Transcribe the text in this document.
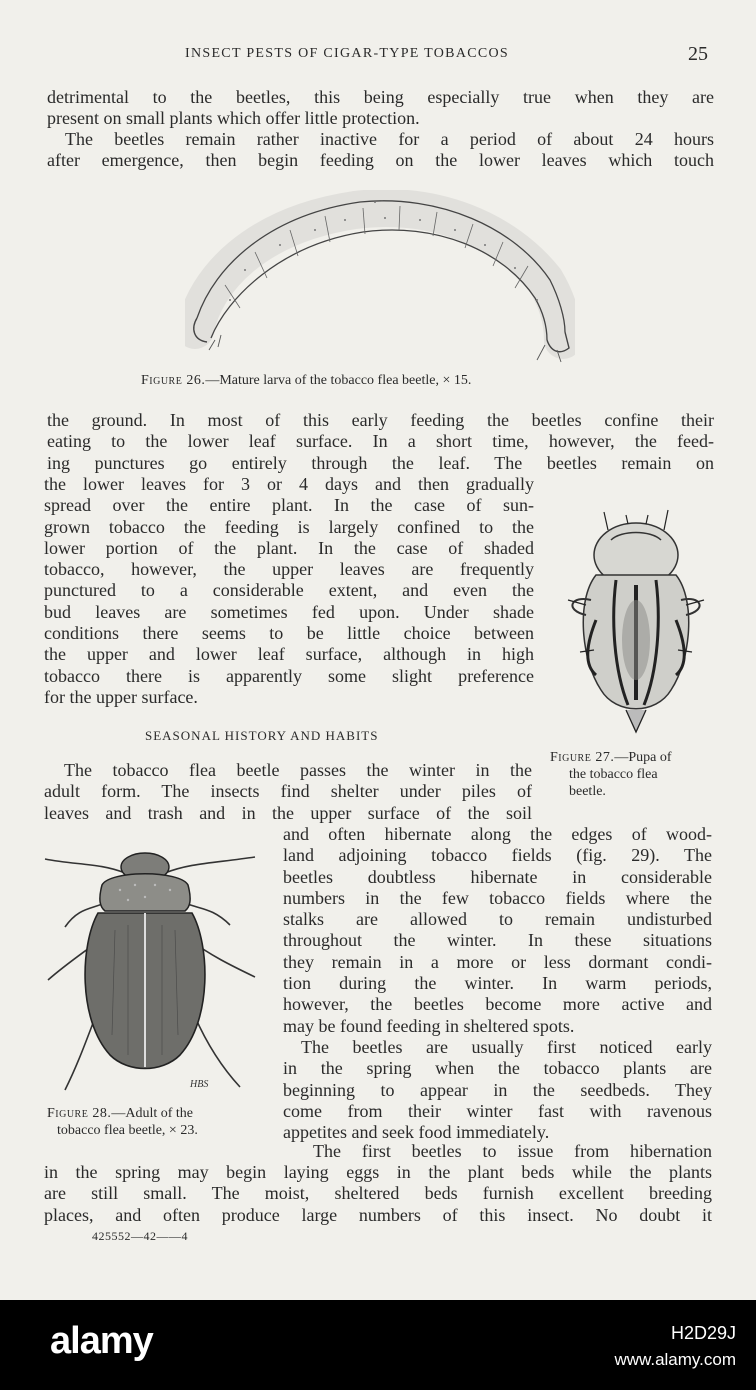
INSECT PESTS OF CIGAR-TYPE TOBACCOS	25
detrimental to the beetles, this being especially true when they are
present on small plants which offer little protection.
The beetles remain rather inactive for a period of about 24 hours
after emergence, then begin feeding on the lower leaves which touch
Figure 26.—Mature larva of the tobacco flea beetle, × 15.
the ground. In most of this early feeding the beetles confine their
eating to the lower leaf surface. In a short time, however, the feed-
ing punctures go entirely through the leaf. The beetles remain on
the lower leaves for 3 or 4 days and then gradually
spread over the entire plant. In the case of sun-
grown tobacco the feeding is largely confined to the
lower portion of the plant. In the case of shaded
tobacco, however, the upper leaves are frequently
punctured to a considerable extent, and even the
bud leaves are sometimes fed upon. Under shade
conditions there seems to be little choice between
the upper and lower leaf surface, although in high
tobacco there is apparently some slight preference
for the upper surface.
Figure 27.—Pupa of
the tobacco flea
beetle.
SEASONAL HISTORY AND HABITS
The tobacco flea beetle passes the winter in the
adult form. The insects find shelter under piles of
leaves and trash and in the upper surface of the soil
and often hibernate along the edges of wood-
land adjoining tobacco fields (fig. 29). The
beetles doubtless hibernate in considerable
numbers in the few tobacco fields where the
stalks are allowed to remain undisturbed
throughout the winter. In these situations
they remain in a more or less dormant condi-
tion during the winter. In warm periods,
however, the beetles become more active and
may be found feeding in sheltered spots.
The beetles are usually first noticed early
in the spring when the tobacco plants are
beginning to appear in the seedbeds. They
come from their winter fast with ravenous
appetites and seek food immediately.
HBS
Figure 28.—Adult of the
tobacco flea beetle, × 23.
The first beetles to issue from hibernation
in the spring may begin laying eggs in the plant beds while the plants
are still small. The moist, sheltered beds furnish excellent breeding
places, and often produce large numbers of this insect. No doubt it
425552—42——4
alamy	H2D29J
www.alamy.com
